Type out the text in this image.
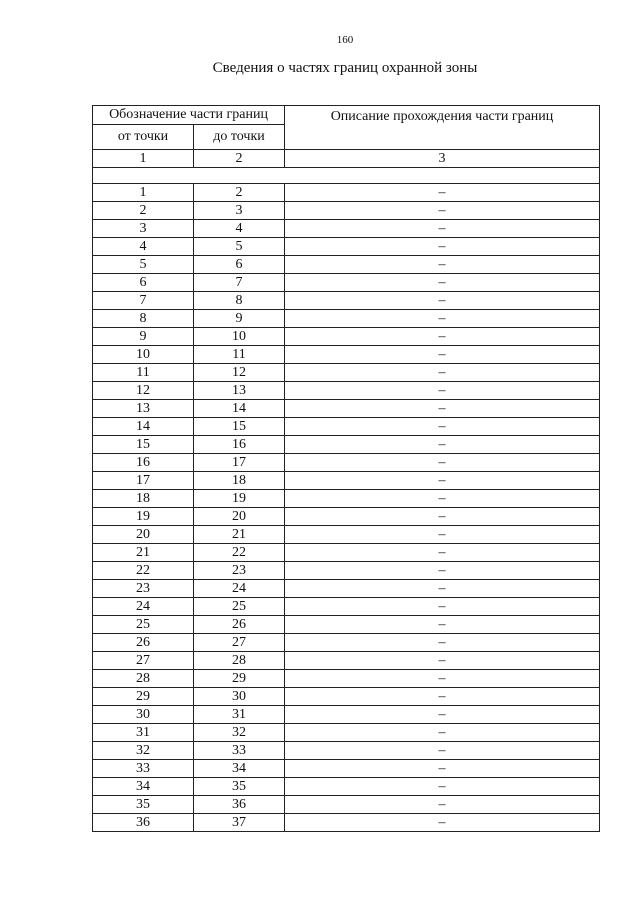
160
Сведения о частях границ охранной зоны
Обозначение части границ		Описание прохождения части границ
от точки	до точки	
1	2	3

1	2	–
2	3	–
3	4	–
4	5	–
5	6	–
6	7	–
7	8	–
8	9	–
9	10	–
10	11	–
11	12	–
12	13	–
13	14	–
14	15	–
15	16	–
16	17	–
17	18	–
18	19	–
19	20	–
20	21	–
21	22	–
22	23	–
23	24	–
24	25	–
25	26	–
26	27	–
27	28	–
28	29	–
29	30	–
30	31	–
31	32	–
32	33	–
33	34	–
34	35	–
35	36	–
36	37	–
